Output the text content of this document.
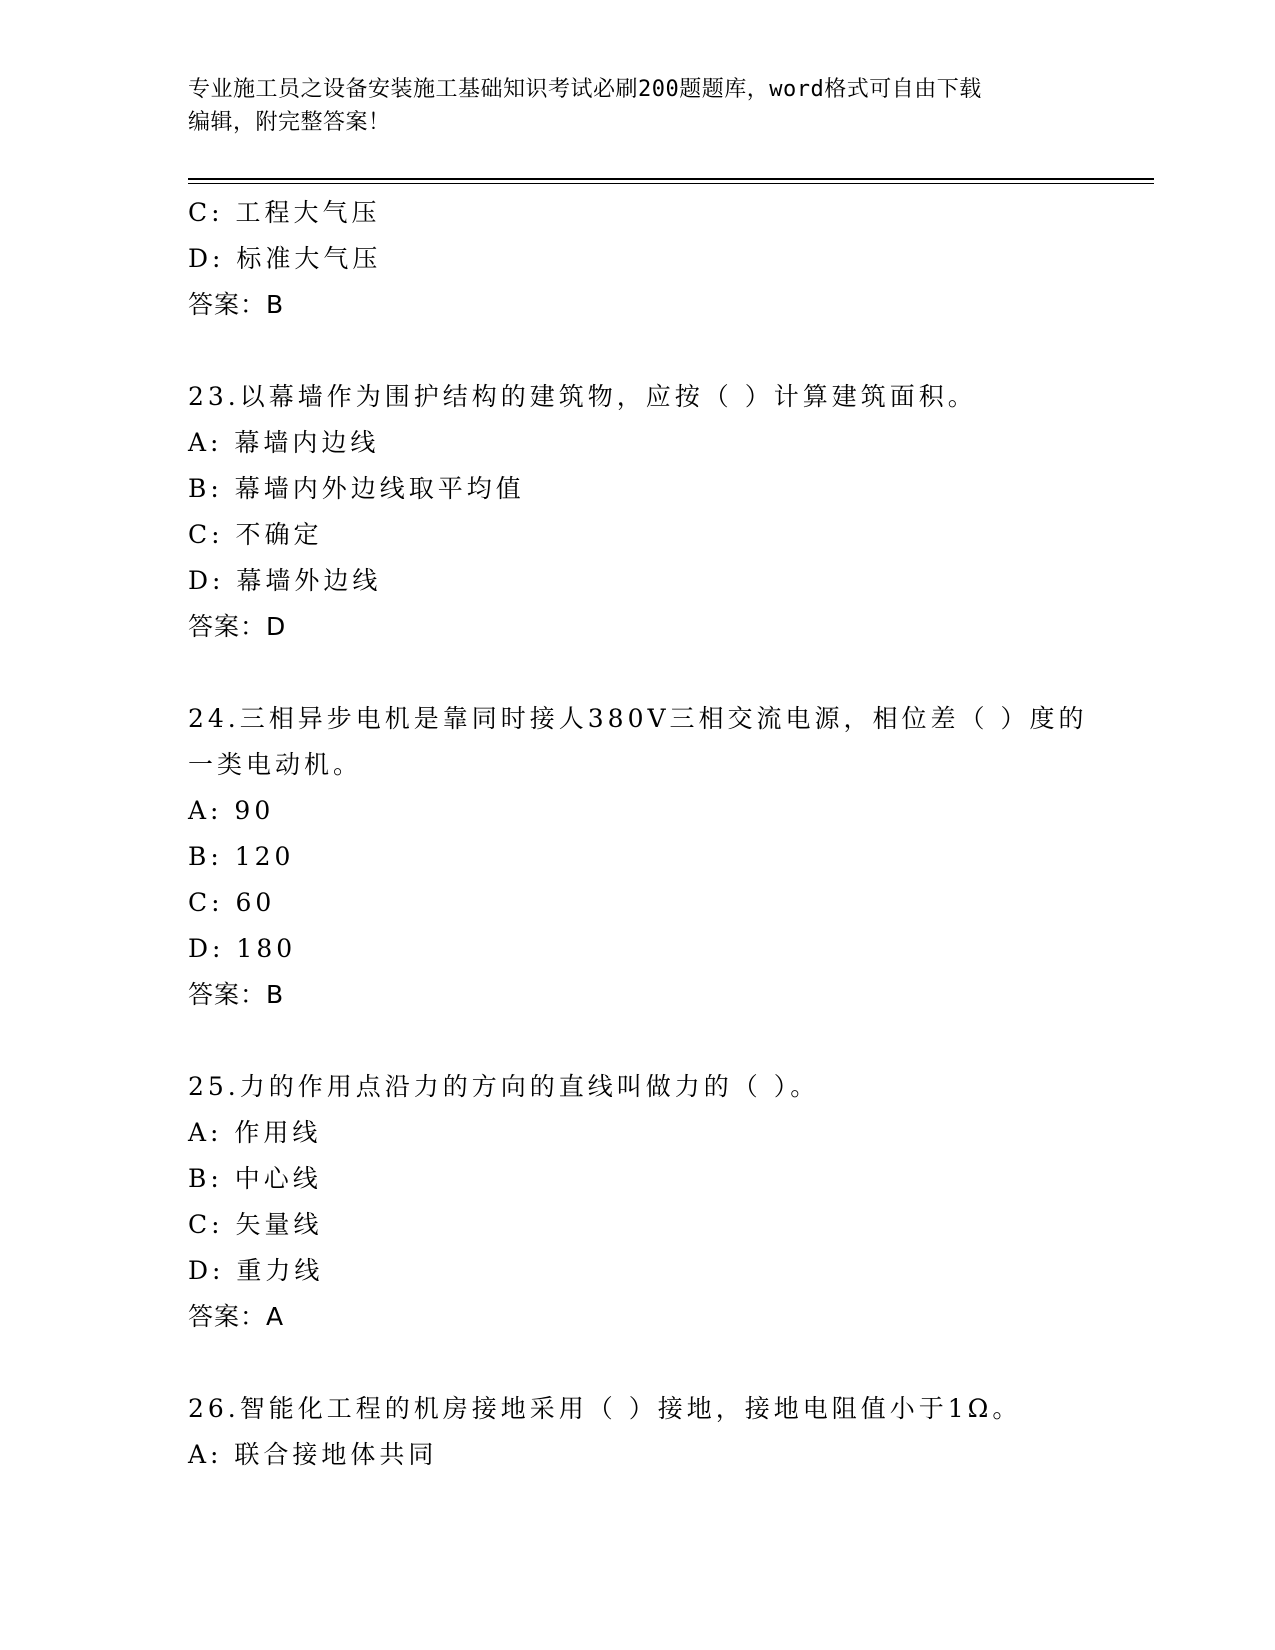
专业施工员之设备安装施工基础知识考试必刷200题题库，word格式可自由下载
编辑，附完整答案！
C: 工程大气压
D: 标准大气压
答案：B
23.以幕墙作为围护结构的建筑物，应按（ ）计算建筑面积。
A: 幕墙内边线
B: 幕墙内外边线取平均值
C: 不确定
D: 幕墙外边线
答案：D
24.三相异步电机是靠同时接人380V三相交流电源，相位差（ ）度的
一类电动机。
A: 90
B: 120
C: 60
D: 180
答案：B
25.力的作用点沿力的方向的直线叫做力的（ ）。
A: 作用线
B: 中心线
C: 矢量线
D: 重力线
答案：A
26.智能化工程的机房接地采用（ ）接地，接地电阻值小于1Ω。
A: 联合接地体共同
